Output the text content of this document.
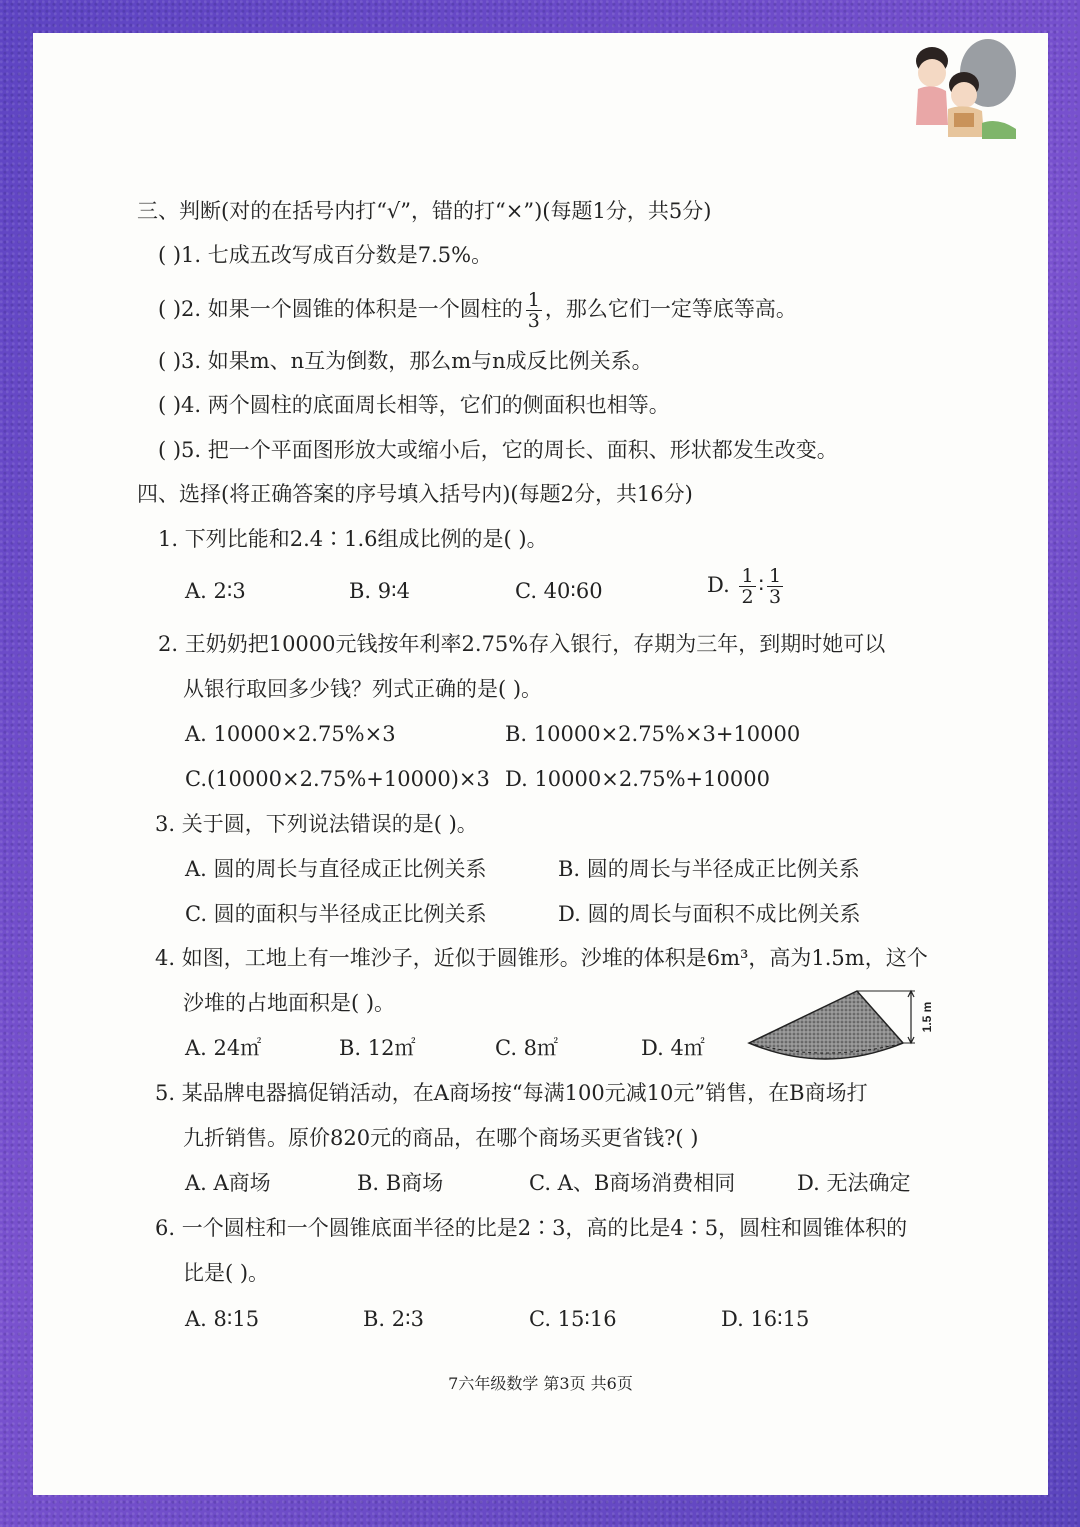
三、判断(对的在括号内打“√”，错的打“×”)(每题1分，共5分)
( )1. 七成五改写成百分数是7.5%。
( )2. 如果一个圆锥的体积是一个圆柱的 $\frac{1}{3}$ ，那么它们一定等底等高。
( )3. 如果m、n互为倒数，那么m与n成反比例关系。
( )4. 两个圆柱的底面周长相等，它们的侧面积也相等。
( )5. 把一个平面图形放大或缩小后，它的周长、面积、形状都发生改变。
四、选择(将正确答案的序号填入括号内)(每题2分，共16分)
1. 下列比能和2.4∶1.6组成比例的是( )。
A. 2∶3	B. 9∶4	C. 40∶60	D. $\frac{1}{2}$ ∶ $\frac{1}{3}$
2. 王奶奶把10000元钱按年利率2.75%存入银行，存期为三年，到期时她可以
从银行取回多少钱？列式正确的是( )。
A. 10000×2.75%×3	B. 10000×2.75%×3+10000
C.(10000×2.75%+10000)×3 D. 10000×2.75%+10000
3. 关于圆，下列说法错误的是( )。
A. 圆的周长与直径成正比例关系	B. 圆的周长与半径成正比例关系
C. 圆的面积与半径成正比例关系	D. 圆的周长与面积不成比例关系
4. 如图，工地上有一堆沙子，近似于圆锥形。沙堆的体积是6m³，高为1.5m，这个
沙堆的占地面积是( )。
A. 24㎡	B. 12㎡	C. 8㎡	D. 4㎡
1.5 m
5. 某品牌电器搞促销活动，在A商场按“每满100元减10元”销售，在B商场打
九折销售。原价820元的商品，在哪个商场买更省钱?( )
A. A商场	B. B商场	C. A、B商场消费相同	D. 无法确定
6. 一个圆柱和一个圆锥底面半径的比是2∶3，高的比是4∶5，圆柱和圆锥体积的
比是( )。
A. 8∶15	B. 2∶3	C. 15∶16	D. 16∶15
7六年级数学 第3页 共6页
